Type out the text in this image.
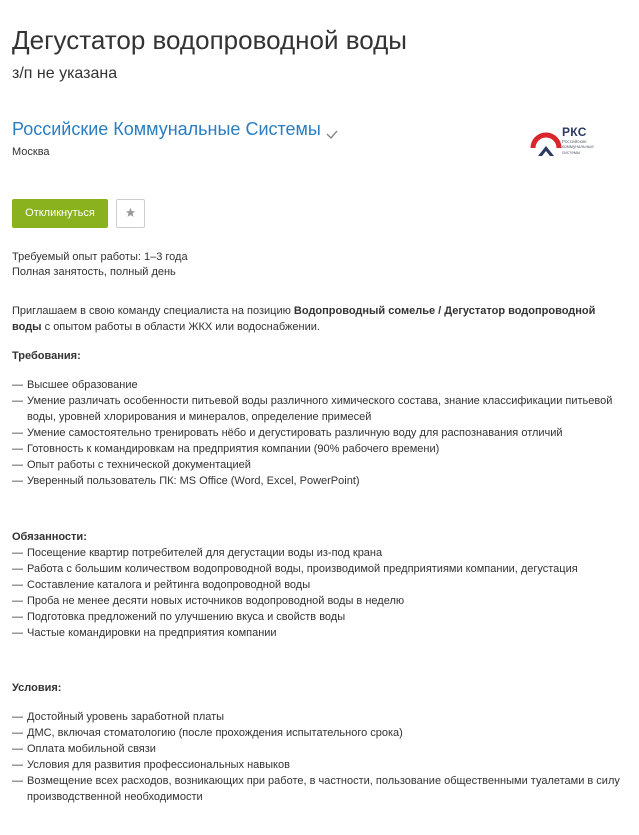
Дегустатор водопроводной воды
з/п не указана
Российские Коммунальные Системы
Москва
РКС
Российские коммунальные системы
Откликнуться
Требуемый опыт работы: 1–3 года
Полная занятость, полный день
Приглашаем в свою команду специалиста на позицию Водопроводный сомелье / Дегустатор водопроводной воды с опытом работы в области ЖКХ или водоснабжении.
Требования:
— Высшее образование
— Умение различать особенности питьевой воды различного химического состава, знание классификации питьевой воды, уровней хлорирования и минералов, определение примесей
— Умение самостоятельно тренировать нёбо и дегустировать различную воду для распознавания отличий
— Готовность к командировкам на предприятия компании (90% рабочего времени)
— Опыт работы с технической документацией
— Уверенный пользователь ПК: MS Office (Word, Excel, PowerPoint)
Обязанности:
— Посещение квартир потребителей для дегустации воды из-под крана
— Работа с большим количеством водопроводной воды, производимой предприятиями компании, дегустация
— Составление каталога и рейтинга водопроводной воды
— Проба не менее десяти новых источников водопроводной воды в неделю
— Подготовка предложений по улучшению вкуса и свойств воды
— Частые командировки на предприятия компании
Условия:
— Достойный уровень заработной платы
— ДМС, включая стоматологию (после прохождения испытательного срока)
— Оплата мобильной связи
— Условия для развития профессиональных навыков
— Возмещение всех расходов, возникающих при работе, в частности, пользование общественными туалетами в силу производственной необходимости
